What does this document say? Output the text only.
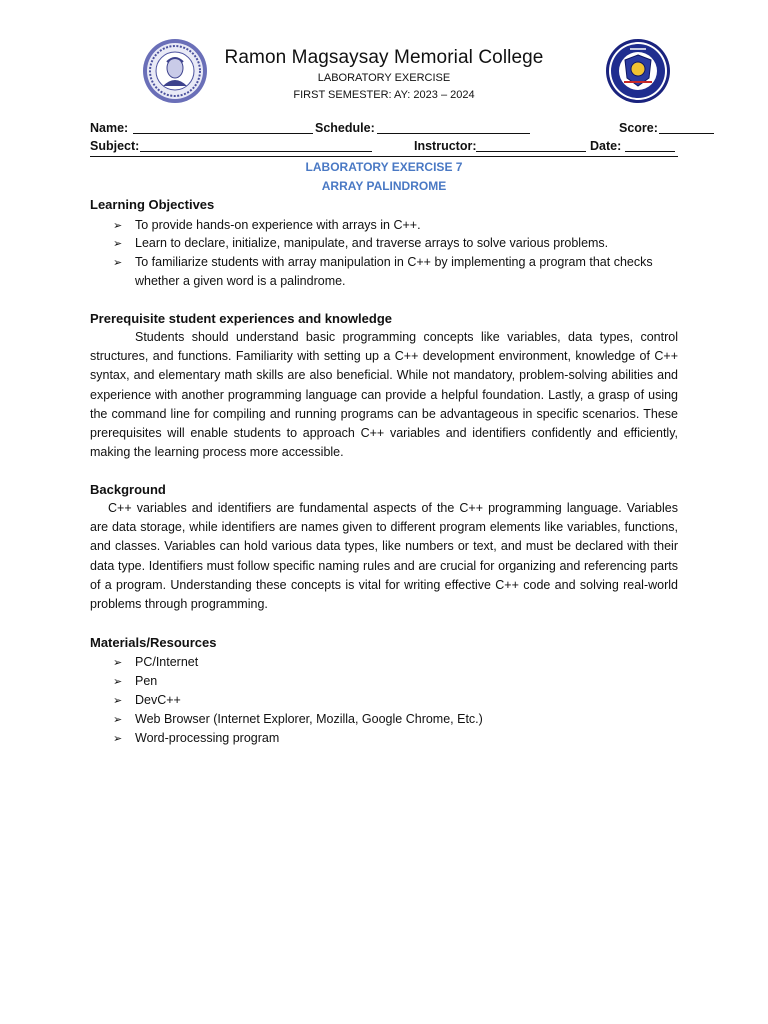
Ramon Magsaysay Memorial College
LABORATORY EXERCISE
FIRST SEMESTER: AY: 2023 – 2024
Name:	Schedule:	Score:
Subject:	Instructor:	Date:
LABORATORY EXERCISE 7
ARRAY PALINDROME
Learning Objectives
➢ To provide hands-on experience with arrays in C++.
➢ Learn to declare, initialize, manipulate, and traverse arrays to solve various problems.
➢ To familiarize students with array manipulation in C++ by implementing a program that checks
whether a given word is a palindrome.
Prerequisite student experiences and knowledge
Students should understand basic programming concepts like variables, data types, control structures, and functions. Familiarity with setting up a C++ development environment, knowledge of C++ syntax, and elementary math skills are also beneficial. While not mandatory, problem-solving abilities and experience with another programming language can provide a helpful foundation. Lastly, a grasp of using the command line for compiling and running programs can be advantageous in specific scenarios. These prerequisites will enable students to approach C++ variables and identifiers confidently and efficiently, making the learning process more accessible.
Background
C++ variables and identifiers are fundamental aspects of the C++ programming language. Variables are data storage, while identifiers are names given to different program elements like variables, functions, and classes. Variables can hold various data types, like numbers or text, and must be declared with their data type. Identifiers must follow specific naming rules and are crucial for organizing and referencing parts of a program. Understanding these concepts is vital for writing effective C++ code and solving real-world problems through programming.
Materials/Resources
➢ PC/Internet
➢ Pen
➢ DevC++
➢ Web Browser (Internet Explorer, Mozilla, Google Chrome, Etc.)
➢ Word-processing program
